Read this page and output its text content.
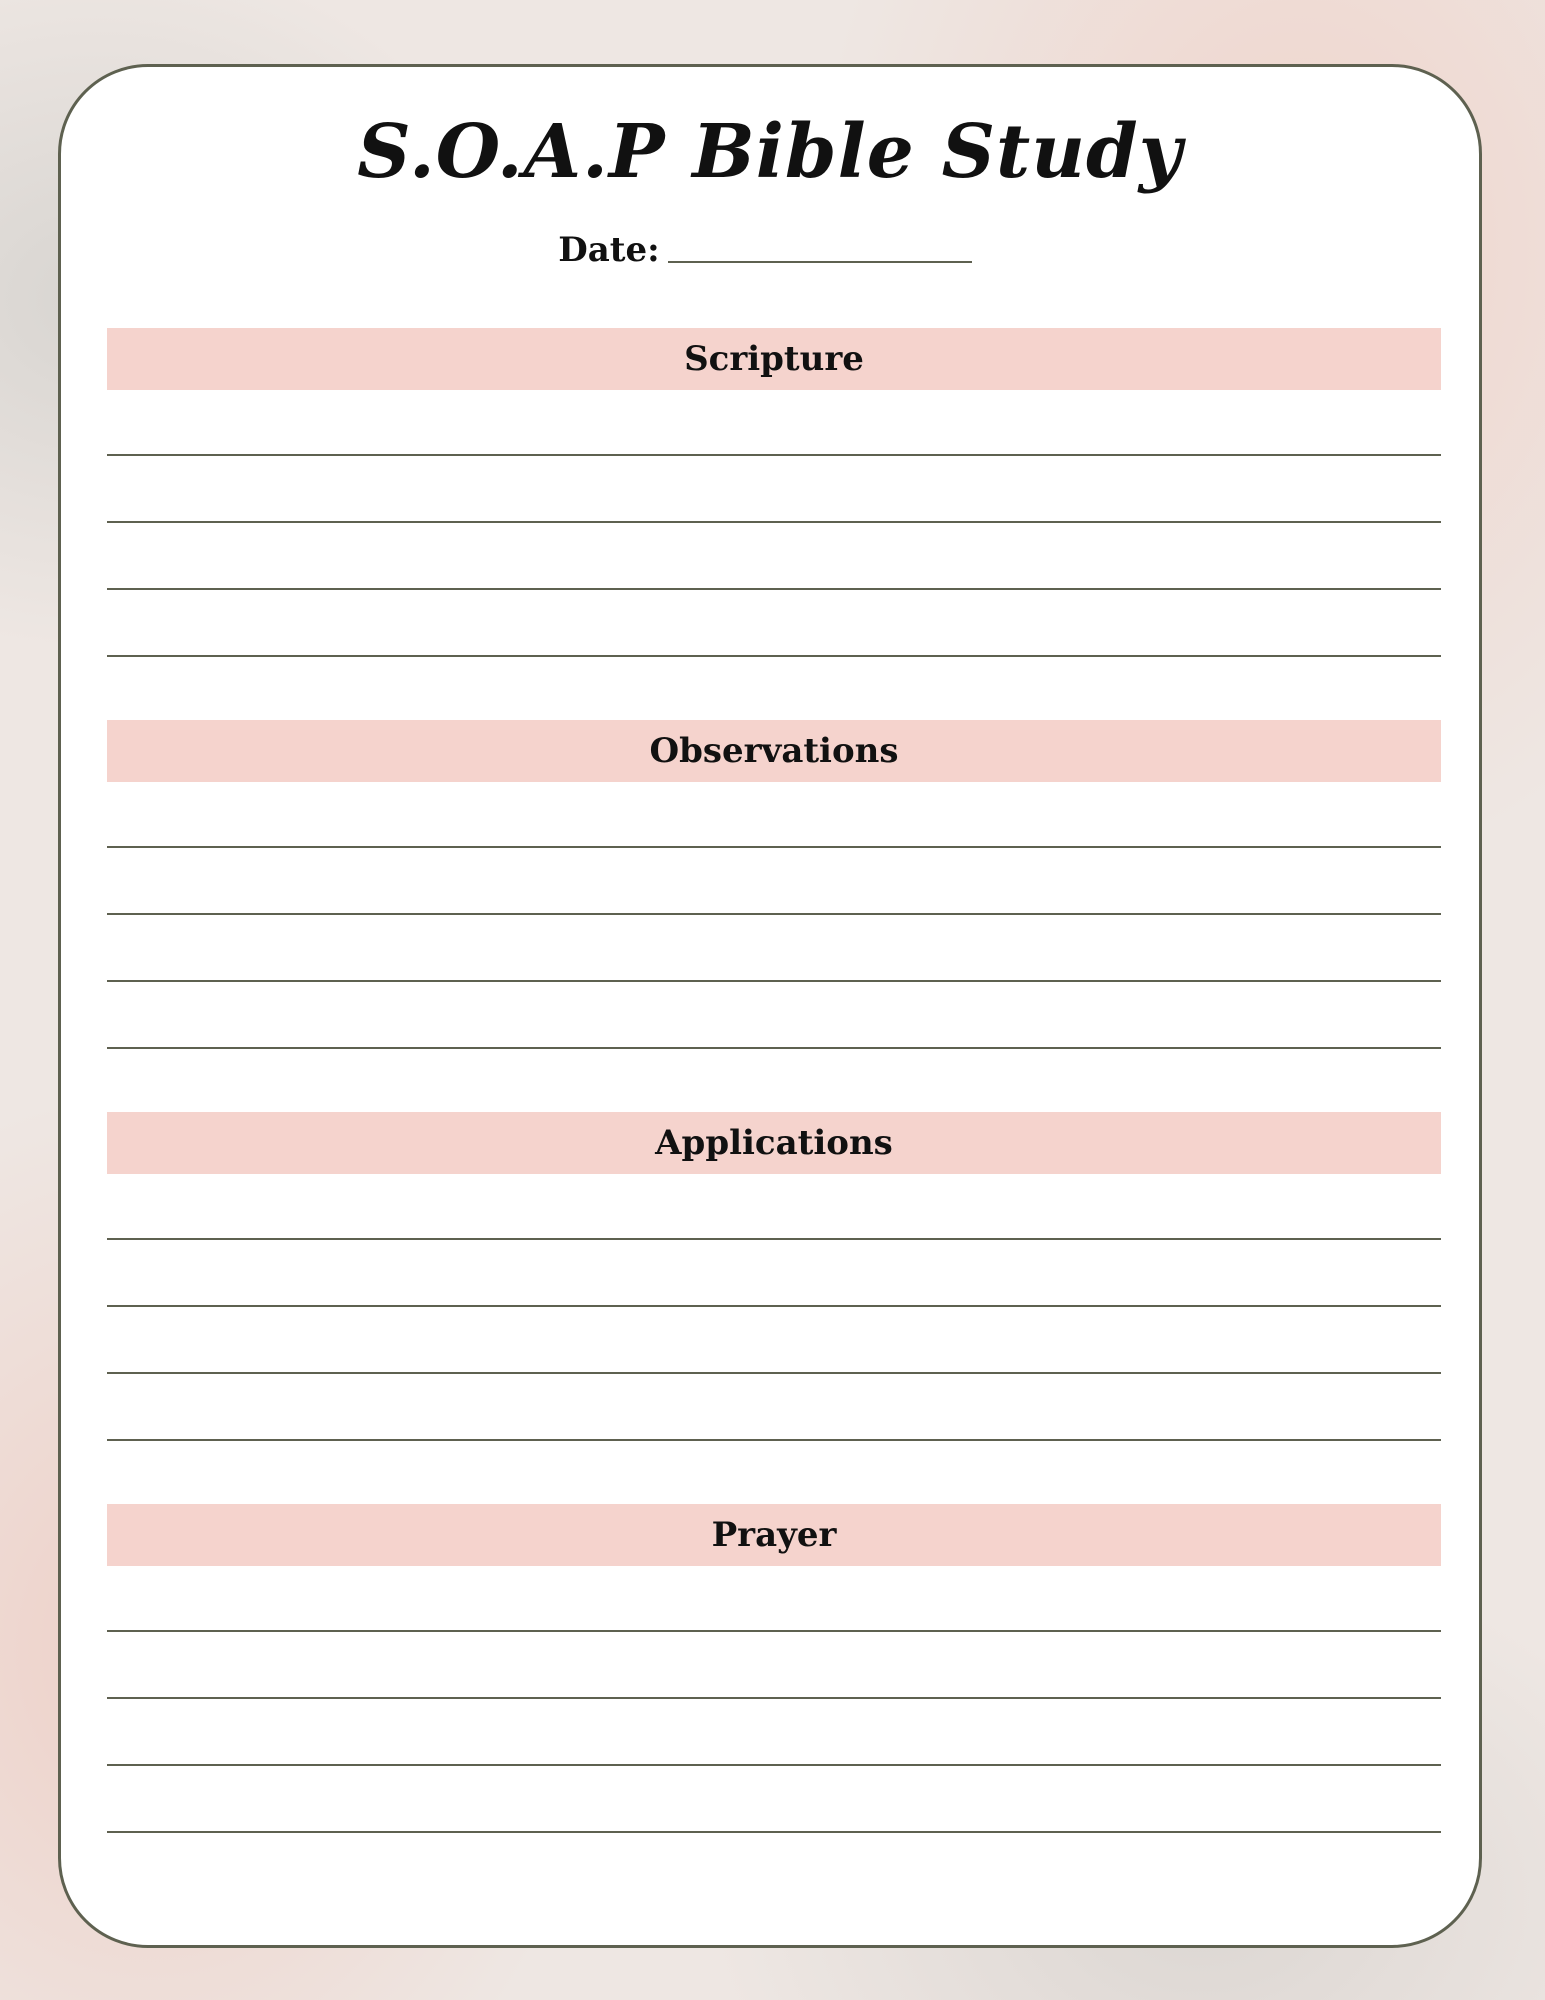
S.O.A.P Bible Study
Date:
Scripture
Observations
Applications
Prayer
